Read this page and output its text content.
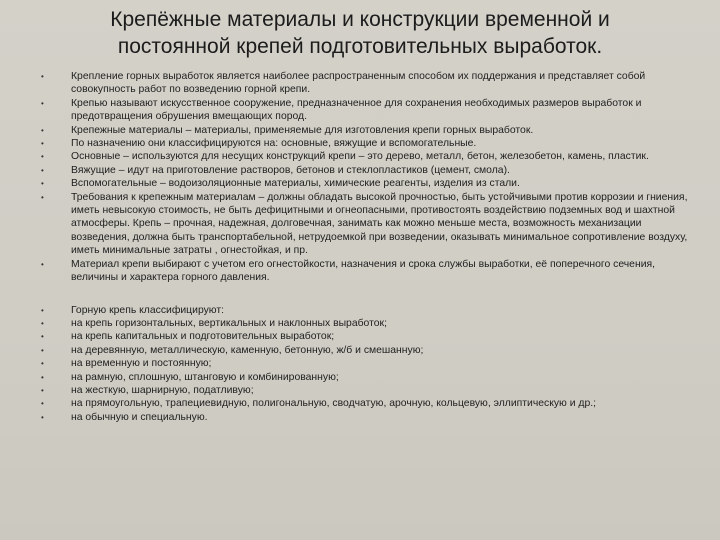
Крепёжные материалы и конструкции временной и
постоянной крепей подготовительных выработок.
•	Крепление горных выработок является наиболее распространенным способом их поддержания и представляет собой совокупность работ по возведению горной крепи.
•	Крепью называют искусственное сооружение, предназначенное для сохранения необходимых размеров выработок и предотвращения обрушения вмещающих пород.
•	Крепежные материалы – материалы, применяемые для изготовления крепи горных выработок.
•	По назначению они классифицируются на: основные, вяжущие и вспомогательные.
•	Основные – используются для несущих конструкций крепи – это дерево, металл, бетон, железобетон, камень, пластик.
•	Вяжущие – идут на приготовление растворов, бетонов и стеклопластиков (цемент, смола).
•	Вспомогательные – водоизоляционные материалы, химические реагенты, изделия из стали.
•	Требования к крепежным материалам – должны обладать высокой прочностью, быть устойчивыми против коррозии и гниения, иметь невысокую стоимость, не быть дефицитными и огнеопасными, противостоять воздействию подземных вод и шахтной атмосферы. Крепь – прочная, надежная, долговечная, занимать как можно меньше места, возможность механизации возведения, должна быть транспортабельной, нетрудоемкой при возведении, оказывать минимальное сопротивление воздуху, иметь минимальные затраты , огнестойкая, и пр.
•	Материал крепи выбирают с учетом его огнестойкости, назначения и срока службы выработки, её поперечного сечения, величины и характера горного давления.
•	Горную крепь классифицируют:
•	на крепь горизонтальных, вертикальных и наклонных выработок;
•	на крепь капитальных и подготовительных выработок;
•	на деревянную, металлическую, каменную, бетонную, ж/б и смешанную;
•	на временную и постоянную;
•	на рамную, сплошную, штанговую и комбинированную;
•	на жесткую, шарнирную, податливую;
•	на прямоугольную, трапециевидную, полигональную, сводчатую, арочную, кольцевую, эллиптическую и др.;
•	на обычную и специальную.
